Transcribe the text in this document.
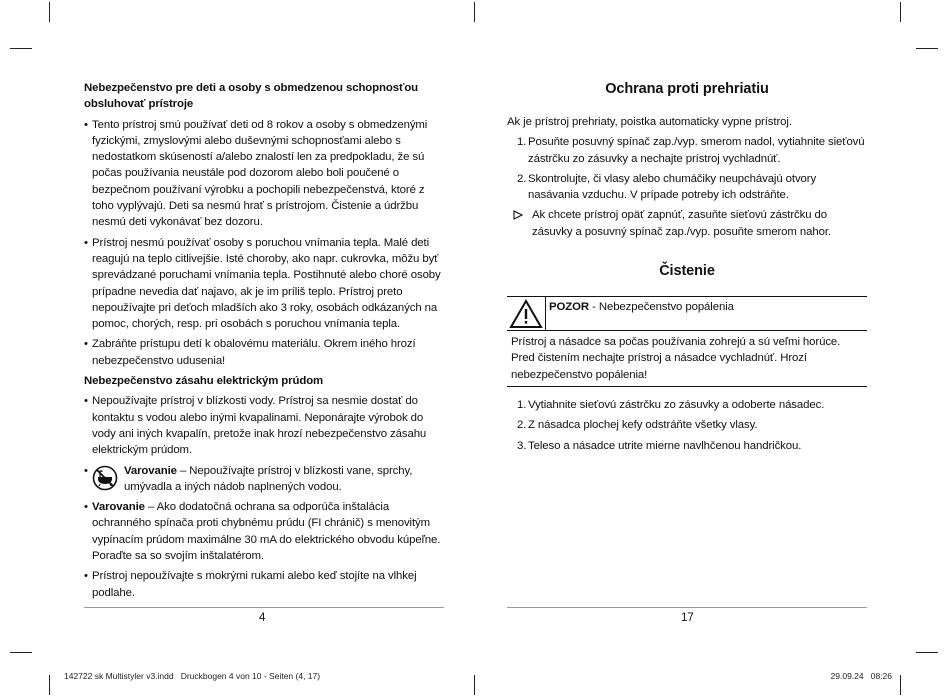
Nebezpečenstvo pre deti a osoby s obmedzenou schopnosťou obsluhovať prístroje
• Tento prístroj smú používať deti od 8 rokov a osoby s obmedzenými fyzickými, zmyslovými alebo duševnými schopnosťami alebo s nedostatkom skúseností a/alebo znalostí len za predpokladu, že sú počas používania neustále pod dozorom alebo boli poučené o bezpečnom používaní výrobku a pochopili nebezpečenstvá, ktoré z toho vyplývajú. Deti sa nesmú hrať s prístrojom. Čistenie a údržbu nesmú deti vykonávať bez dozoru.
• Prístroj nesmú používať osoby s poruchou vnímania tepla. Malé deti reagujú na teplo citlivejšie. Isté choroby, ako napr. cukrovka, môžu byť sprevádzané poruchami vnímania tepla. Postihnuté alebo choré osoby prípadne nevedia dať najavo, ak je im príliš teplo. Prístroj preto nepoužívajte pri deťoch mladších ako 3 roky, osobách odkázaných na pomoc, chorých, resp. pri osobách s poruchou vnímania tepla.
• Zabráňte prístupu detí k obalovému materiálu. Okrem iného hrozí nebezpečenstvo udusenia!
Nebezpečenstvo zásahu elektrickým prúdom
• Nepoužívajte prístroj v blízkosti vody. Prístroj sa nesmie dostať do kontaktu s vodou alebo inými kvapalinami. Neponárajte výrobok do vody ani iných kvapalín, pretože inak hrozí nebezpečenstvo zásahu elektrickým prúdom.
•	Varovanie – Nepoužívajte prístroj v blízkosti vane, sprchy, umývadla a iných nádob naplnených vodou.
• Varovanie – Ako dodatočná ochrana sa odporúča inštalácia ochranného spínača proti chybnému prúdu (FI chránič) s menovitým vypínacím prúdom maximálne 30 mA do elektrického obvodu kúpeľne. Poraďte sa so svojím inštalatérom.
• Prístroj nepoužívajte s mokrými rukami alebo keď stojíte na vlhkej podlahe.
Ochrana proti prehriatiu
Ak je prístroj prehriaty, poistka automaticky vypne prístroj.
1. Posuňte posuvný spínač zap./vyp. smerom nadol, vytiahnite sieťovú zástrčku zo zásuvky a nechajte prístroj vychladnúť.
2. Skontrolujte, či vlasy alebo chumáčiky neupchávajú otvory nasávania vzduchu. V prípade potreby ich odstráňte.
Ak chcete prístroj opäť zapnúť, zasuňte sieťovú zástrčku do zásuvky a posuvný spínač zap./vyp. posuňte smerom nahor.
Čistenie
POZOR - Nebezpečenstvo popálenia
Prístroj a násadce sa počas používania zohrejú a sú veľmi horúce. Pred čistením nechajte prístroj a násadce vychladnúť. Hrozí nebezpečenstvo popálenia!
1. Vytiahnite sieťovú zástrčku zo zásuvky a odoberte násadec.
2. Z násadca plochej kefy odstráňte všetky vlasy.
3. Teleso a násadce utrite mierne navlhčenou handričkou.
4	17
142722 sk Multistyler v3.indd   Druckbogen 4 von 10 - Seiten (4, 17)	29.09.24   08:26
